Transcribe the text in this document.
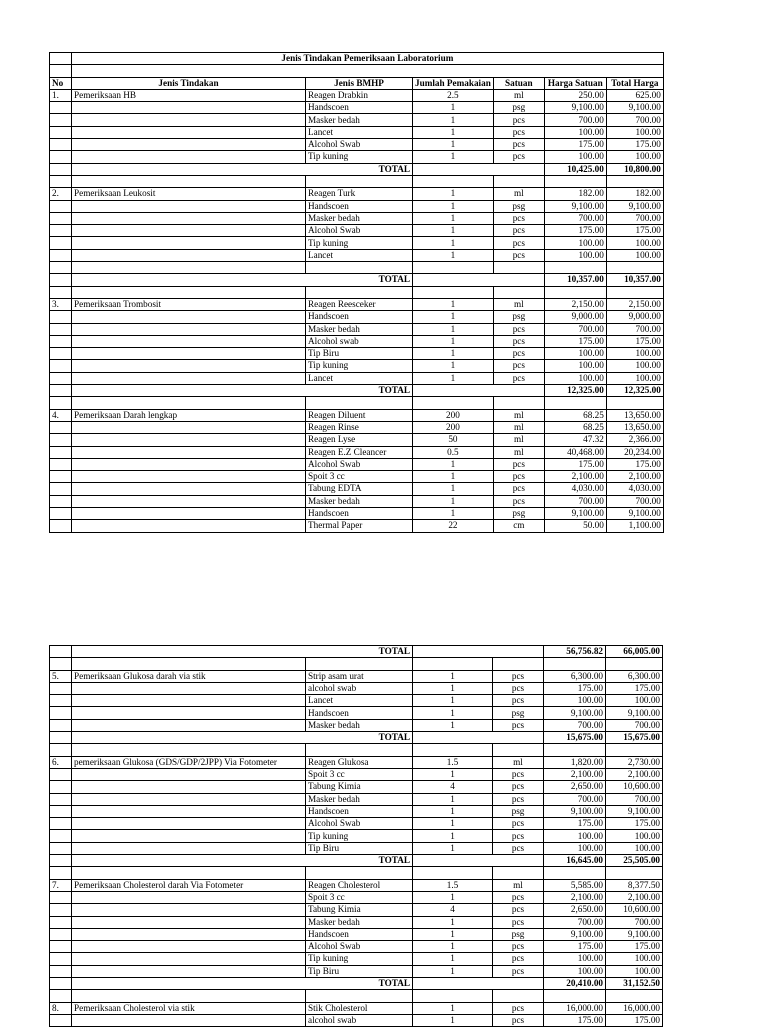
	Jenis Tindakan Pemeriksaan Laboratorium					

No	Jenis Tindakan	Jenis BMHP	Jumlah Pemakaian	Satuan	Harga Satuan	Total Harga
1.	Pemeriksaan HB	Reagen Drabkin	2.5	ml	250.00	625.00
		Handscoen	1	psg	9,100.00	9,100.00
		Masker bedah	1	pcs	700.00	700.00
		Lancet	1	pcs	100.00	100.00
		Alcohol Swab	1	pcs	175.00	175.00
		Tip kuning	1	pcs	100.00	100.00
	TOTAL				10,425.00	10,800.00

2.	Pemeriksaan Leukosit	Reagen Turk	1	ml	182.00	182.00
		Handscoen	1	psg	9,100.00	9,100.00
		Masker bedah	1	pcs	700.00	700.00
		Alcohol Swab	1	pcs	175.00	175.00
		Tip kuning	1	pcs	100.00	100.00
		Lancet	1	pcs	100.00	100.00

	TOTAL				10,357.00	10,357.00

3.	Pemeriksaan Trombosit	Reagen Reesceker	1	ml	2,150.00	2,150.00
		Handscoen	1	psg	9,000.00	9,000.00
		Masker bedah	1	pcs	700.00	700.00
		Alcohol swab	1	pcs	175.00	175.00
		Tip Biru	1	pcs	100.00	100.00
		Tip kuning	1	pcs	100.00	100.00
		Lancet	1	pcs	100.00	100.00
	TOTAL				12,325.00	12,325.00

4.	Pemeriksaan Darah lengkap	Reagen Diluent	200	ml	68.25	13,650.00
		Reagen Rinse	200	ml	68.25	13,650.00
		Reagen Lyse	50	ml	47.32	2,366.00
		Reagen E.Z Cleancer	0.5	ml	40,468.00	20,234.00
		Alcohol Swab	1	pcs	175.00	175.00
		Spoit 3 cc	1	pcs	2,100.00	2,100.00
		Tabung EDTA	1	pcs	4,030.00	4,030.00
		Masker bedah	1	pcs	700.00	700.00
		Handscoen	1	psg	9,100.00	9,100.00
		Thermal Paper	22	cm	50.00	1,100.00
	TOTAL				56,756.82	66,005.00

5.	Pemeriksaan Glukosa darah via stik	Strip asam urat	1	pcs	6,300.00	6,300.00
		alcohol swab	1	pcs	175.00	175.00
		Lancet	1	pcs	100.00	100.00
		Handscoen	1	psg	9,100.00	9,100.00
		Masker bedah	1	pcs	700.00	700.00
	TOTAL				15,675.00	15,675.00

6.	pemeriksaan Glukosa (GDS/GDP/2JPP) Via Fotometer	Reagen Glukosa	1.5	ml	1,820.00	2,730.00
		Spoit 3 cc	1	pcs	2,100.00	2,100.00
		Tabung Kimia	4	pcs	2,650.00	10,600.00
		Masker bedah	1	pcs	700.00	700.00
		Handscoen	1	psg	9,100.00	9,100.00
		Alcohol Swab	1	pcs	175.00	175.00
		Tip kuning	1	pcs	100.00	100.00
		Tip Biru	1	pcs	100.00	100.00
	TOTAL				16,645.00	25,505.00

7.	Pemeriksaan Cholesterol darah Via Fotometer	Reagen Cholesterol	1.5	ml	5,585.00	8,377.50
		Spoit 3 cc	1	pcs	2,100.00	2,100.00
		Tabung Kimia	4	pcs	2,650.00	10,600.00
		Masker bedah	1	pcs	700.00	700.00
		Handscoen	1	psg	9,100.00	9,100.00
		Alcohol Swab	1	pcs	175.00	175.00
		Tip kuning	1	pcs	100.00	100.00
		Tip Biru	1	pcs	100.00	100.00
	TOTAL				20,410.00	31,152.50

8.	Pemeriksaan Cholesterol via stik	Stik Cholesterol	1	pcs	16,000.00	16,000.00
		alcohol swab	1	pcs	175.00	175.00
